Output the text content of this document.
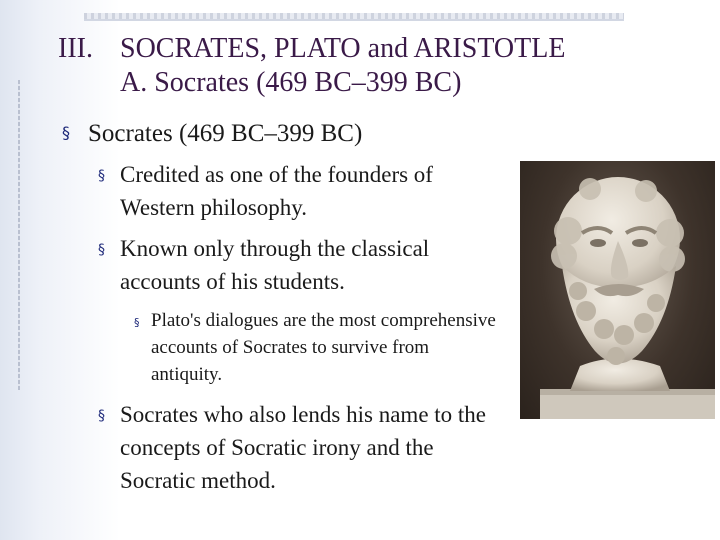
III. SOCRATES, PLATO and ARISTOTLE
A. Socrates (469 BC–399 BC)
§ Socrates (469 BC–399 BC)
§ Credited as one of the founders of Western philosophy.
§ Known only through the classical accounts of his students.
§ Plato's dialogues are the most comprehensive accounts of Socrates to survive from antiquity.
§ Socrates who also lends his name to the concepts of Socratic irony and the Socratic method.
